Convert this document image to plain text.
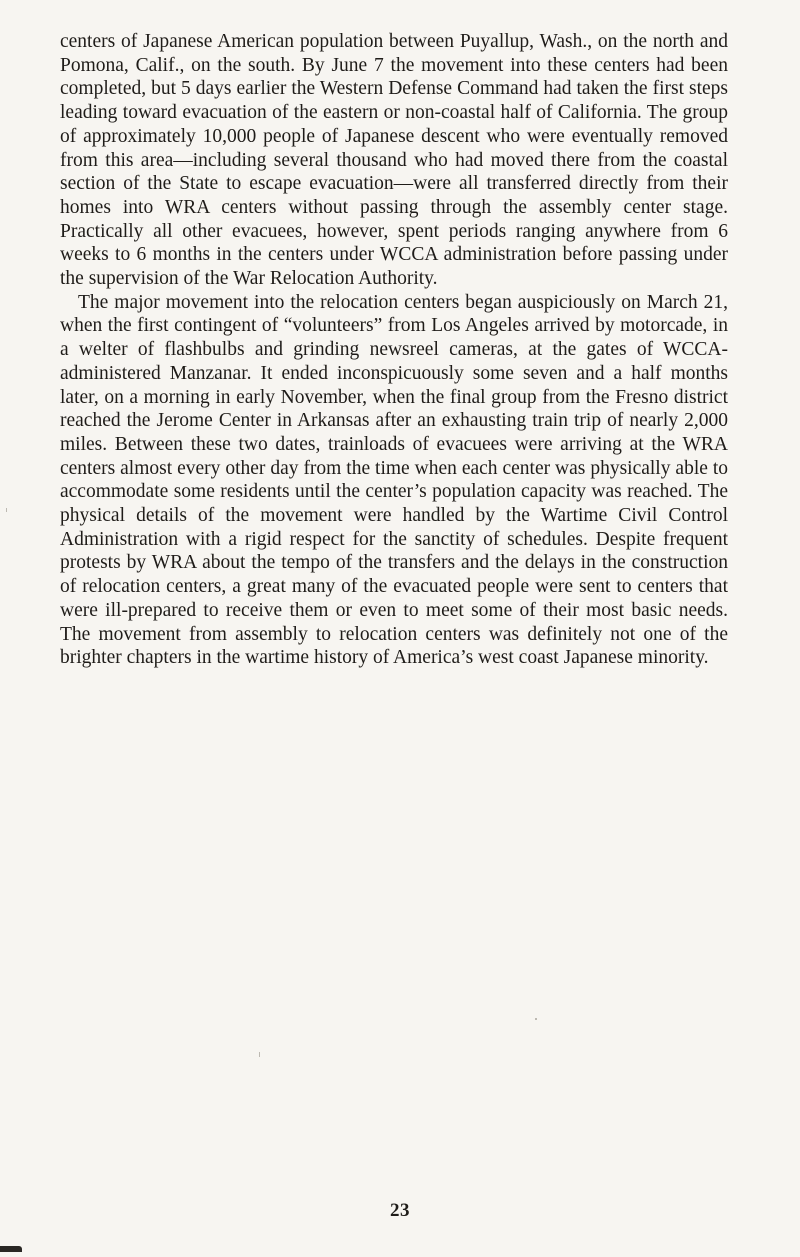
centers of Japanese American population between Puyallup, Wash., on the north and Pomona, Calif., on the south. By June 7 the movement into these centers had been completed, but 5 days earlier the Western Defense Command had taken the first steps leading toward evacuation of the eastern or non-coastal half of California. The group of approximately 10,000 people of Japanese descent who were eventually removed from this area—including several thousand who had moved there from the coastal section of the State to escape evacuation—were all transferred directly from their homes into WRA centers without passing through the assembly center stage. Practically all other evacuees, however, spent periods ranging anywhere from 6 weeks to 6 months in the centers under WCCA administration before passing under the supervision of the War Relocation Authority.

The major movement into the relocation centers began auspiciously on March 21, when the first contingent of “volunteers” from Los Angeles arrived by motorcade, in a welter of flashbulbs and grinding newsreel cameras, at the gates of WCCA-administered Manzanar. It ended inconspicuously some seven and a half months later, on a morning in early November, when the final group from the Fresno district reached the Jerome Center in Arkansas after an exhausting train trip of nearly 2,000 miles. Between these two dates, trainloads of evacuees were arriving at the WRA centers almost every other day from the time when each center was physically able to accommodate some residents until the center’s population capacity was reached. The physical details of the movement were handled by the Wartime Civil Control Administration with a rigid respect for the sanctity of schedules. Despite frequent protests by WRA about the tempo of the transfers and the delays in the construction of relocation centers, a great many of the evacuated people were sent to centers that were ill-prepared to receive them or even to meet some of their most basic needs. The movement from assembly to relocation centers was definitely not one of the brighter chapters in the wartime history of America’s west coast Japanese minority.

23
